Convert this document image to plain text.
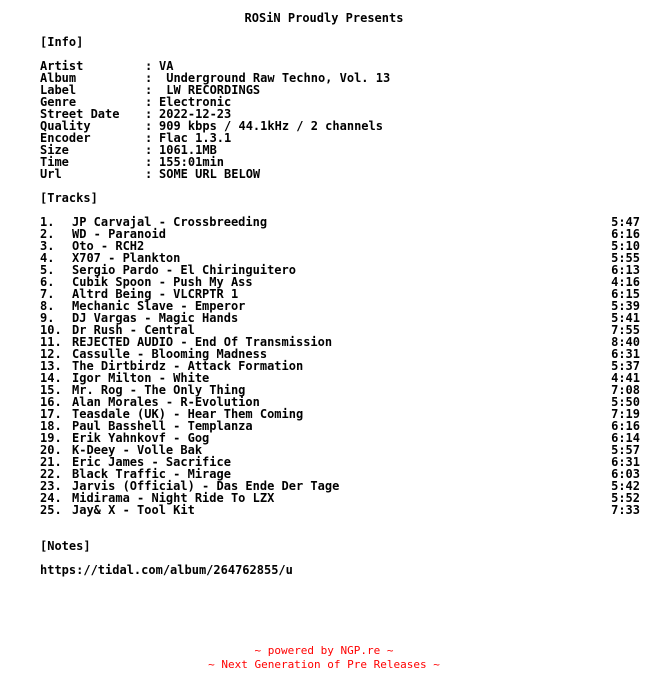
ROSiN Proudly Presents
[Info]
Artist	: VA
Album	: Underground Raw Techno, Vol. 13
Label	: LW RECORDINGS
Genre	: Electronic
Street Date	: 2022-12-23
Quality	: 909 kbps / 44.1kHz / 2 channels
Encoder	: Flac 1.3.1
Size	: 1061.1MB
Time	: 155:01min
Url	: SOME URL BELOW
[Tracks]
1.	JP Carvajal - Crossbreeding	5:47
2.	WD - Paranoid	6:16
3.	Oto - RCH2	5:10
4.	X707 - Plankton	5:55
5.	Sergio Pardo - El Chiringuitero	6:13
6.	Cubik Spoon - Push My Ass	4:16
7.	Altrd Being - VLCRPTR 1	6:15
8.	Mechanic Slave - Emperor	5:39
9.	DJ Vargas - Magic Hands	5:41
10. Dr Rush - Central	7:55
11. REJECTED AUDIO - End Of Transmission	8:40
12. Cassulle - Blooming Madness	6:31
13. The Dirtbirdz - Attack Formation	5:37
14. Igor Milton - White	4:41
15. Mr. Rog - The Only Thing	7:08
16. Alan Morales - R-Evolution	5:50
17. Teasdale (UK) - Hear Them Coming	7:19
18. Paul Basshell - Templanza	6:16
19. Erik Yahnkovf - Gog	6:14
20. K-Deey - Volle Bak	5:57
21. Eric James - Sacrifice	6:31
22. Black Traffic - Mirage	6:03
23. Jarvis (Official) - Das Ende Der Tage	5:42
24. Midirama - Night Ride To LZX	5:52
25. Jay& X - Tool Kit	7:33
[Notes]
https://tidal.com/album/264762855/u
~ powered by NGP.re ~
~ Next Generation of Pre Releases ~
